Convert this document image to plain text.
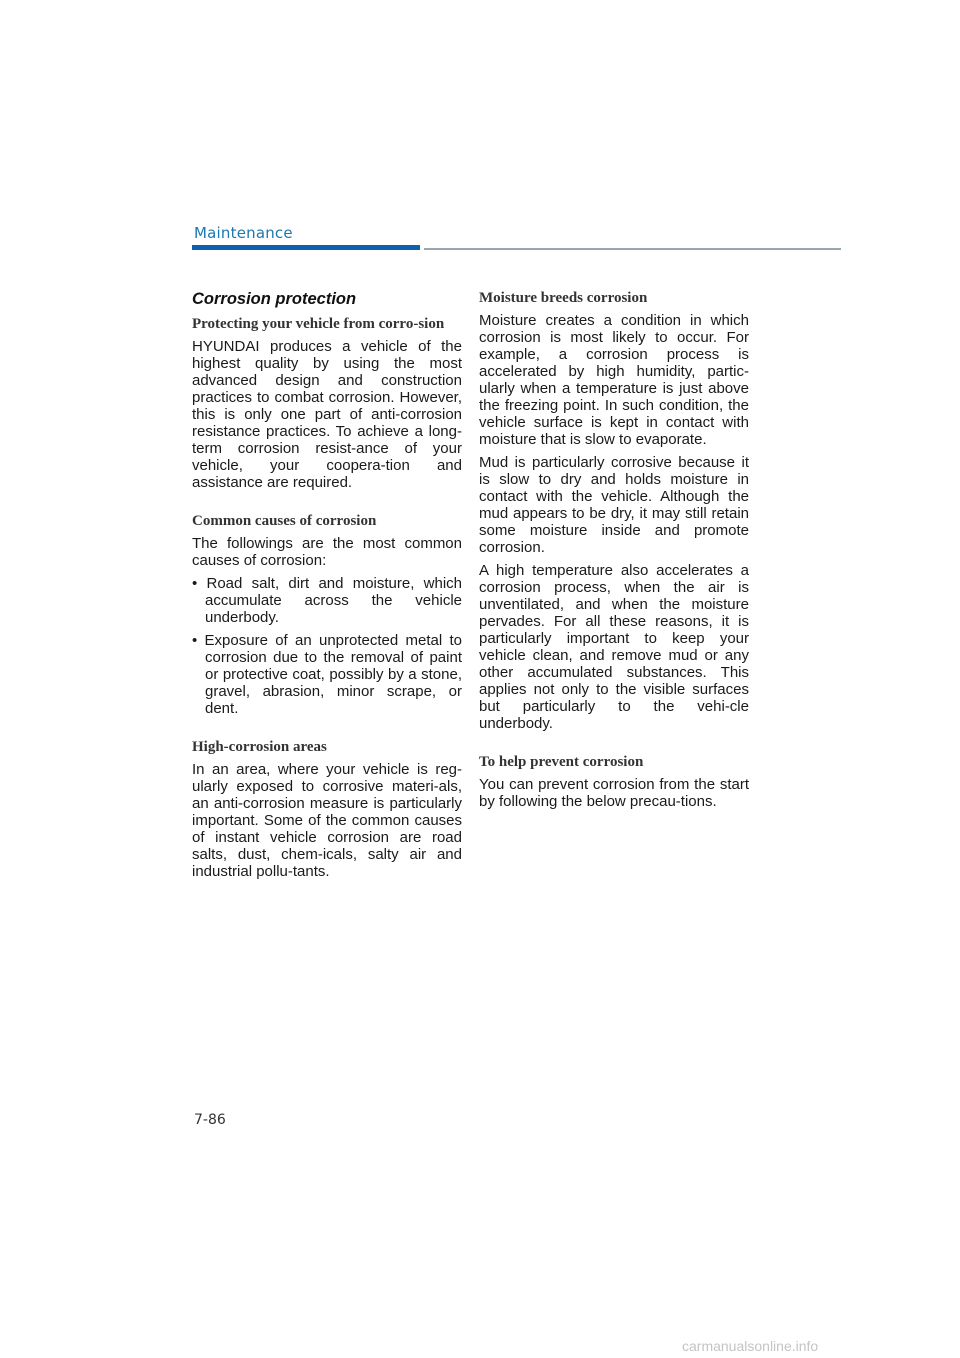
Maintenance
Corrosion protection
Protecting your vehicle from corro-sion

HYUNDAI produces a vehicle of the highest quality by using the most advanced design and construction practices to combat corrosion. However, this is only one part of anti-corrosion resistance practices. To achieve a long-term corrosion resist-ance of your vehicle, your coopera-tion and assistance are required.

Common causes of corrosion

The followings are the most common causes of corrosion:

• Road salt, dirt and moisture, which accumulate across the vehicle underbody.
• Exposure of an unprotected metal to corrosion due to the removal of paint or protective coat, possibly by a stone, gravel, abrasion, minor scrape, or dent.
High-corrosion areas

In an area, where your vehicle is reg-ularly exposed to corrosive materi-als, an anti-corrosion measure is particularly important. Some of the common causes of instant vehicle corrosion are road salts, dust, chem-icals, salty air and industrial pollu-tants.

Moisture breeds corrosion

Moisture creates a condition in which corrosion is most likely to occur. For example, a corrosion process is accelerated by high humidity, partic-ularly when a temperature is just above the freezing point. In such condition, the vehicle surface is kept in contact with moisture that is slow to evaporate.

Mud is particularly corrosive because it is slow to dry and holds moisture in contact with the vehicle. Although the mud appears to be dry, it may still retain some moisture inside and promote corrosion.

A high temperature also accelerates a corrosion process, when the air is unventilated, and when the moisture pervades. For all these reasons, it is particularly important to keep your vehicle clean, and remove mud or any other accumulated substances. This applies not only to the visible surfaces but particularly to the vehi-cle underbody.

To help prevent corrosion

You can prevent corrosion from the start by following the below precau-tions.

7-86
carmanualsonline.info
